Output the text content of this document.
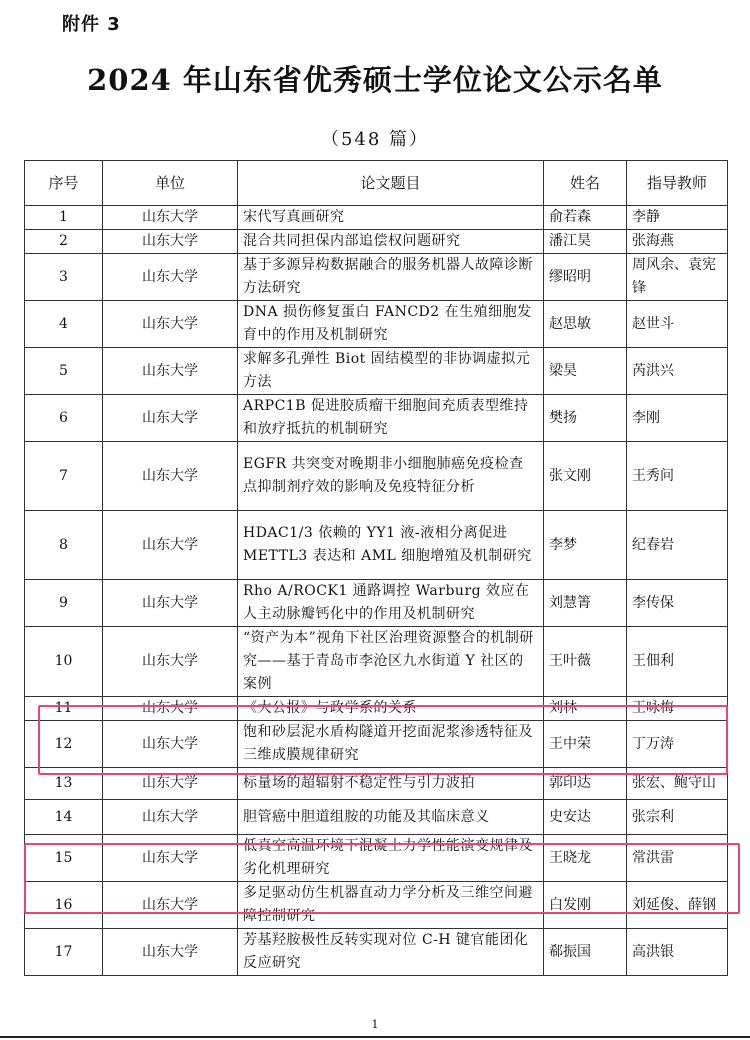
附件 3
2024 年山东省优秀硕士学位论文公示名单
（548 篇）
序号	单位	论文题目	姓名	指导教师
1	山东大学	宋代写真画研究	俞若森	李静
2	山东大学	混合共同担保内部追偿权问题研究	潘江昊	张海燕
3	山东大学	基于多源异构数据融合的服务机器人故障诊断方法研究	缪昭明	周风余、袁宪锋
4	山东大学	DNA 损伤修复蛋白 FANCD2 在生殖细胞发育中的作用及机制研究	赵思敏	赵世斗
5	山东大学	求解多孔弹性 Biot 固结模型的非协调虚拟元方法	梁昊	芮洪兴
6	山东大学	ARPC1B 促进胶质瘤干细胞间充质表型维持和放疗抵抗的机制研究	樊扬	李刚
7	山东大学	EGFR 共突变对晚期非小细胞肺癌免疫检查点抑制剂疗效的影响及免疫特征分析	张文刚	王秀问
8	山东大学	HDAC1/3 依赖的 YY1 液-液相分离促进 METTL3 表达和 AML 细胞增殖及机制研究	李梦	纪春岩
9	山东大学	Rho A/ROCK1 通路调控 Warburg 效应在人主动脉瓣钙化中的作用及机制研究	刘慧箐	李传保
10	山东大学	“资产为本”视角下社区治理资源整合的机制研究——基于青岛市李沧区九水街道 Y 社区的案例	王叶薇	王佃利
11	山东大学	《大公报》与政学系的关系	刘林	王咏梅
12	山东大学	饱和砂层泥水盾构隧道开挖面泥浆渗透特征及三维成膜规律研究	王中荣	丁万涛
13	山东大学	标量场的超辐射不稳定性与引力波拍	郭印达	张宏、鲍守山
14	山东大学	胆管癌中胆道组胺的功能及其临床意义	史安达	张宗利
15	山东大学	低真空高温环境下混凝土力学性能演变规律及劣化机理研究	王晓龙	常洪雷
16	山东大学	多足驱动仿生机器直动力学分析及三维空间避障控制研究	白发刚	刘延俊、薛钢
17	山东大学	芳基羟胺极性反转实现对位 C-H 键官能团化反应研究	郗振国	高洪银
1
